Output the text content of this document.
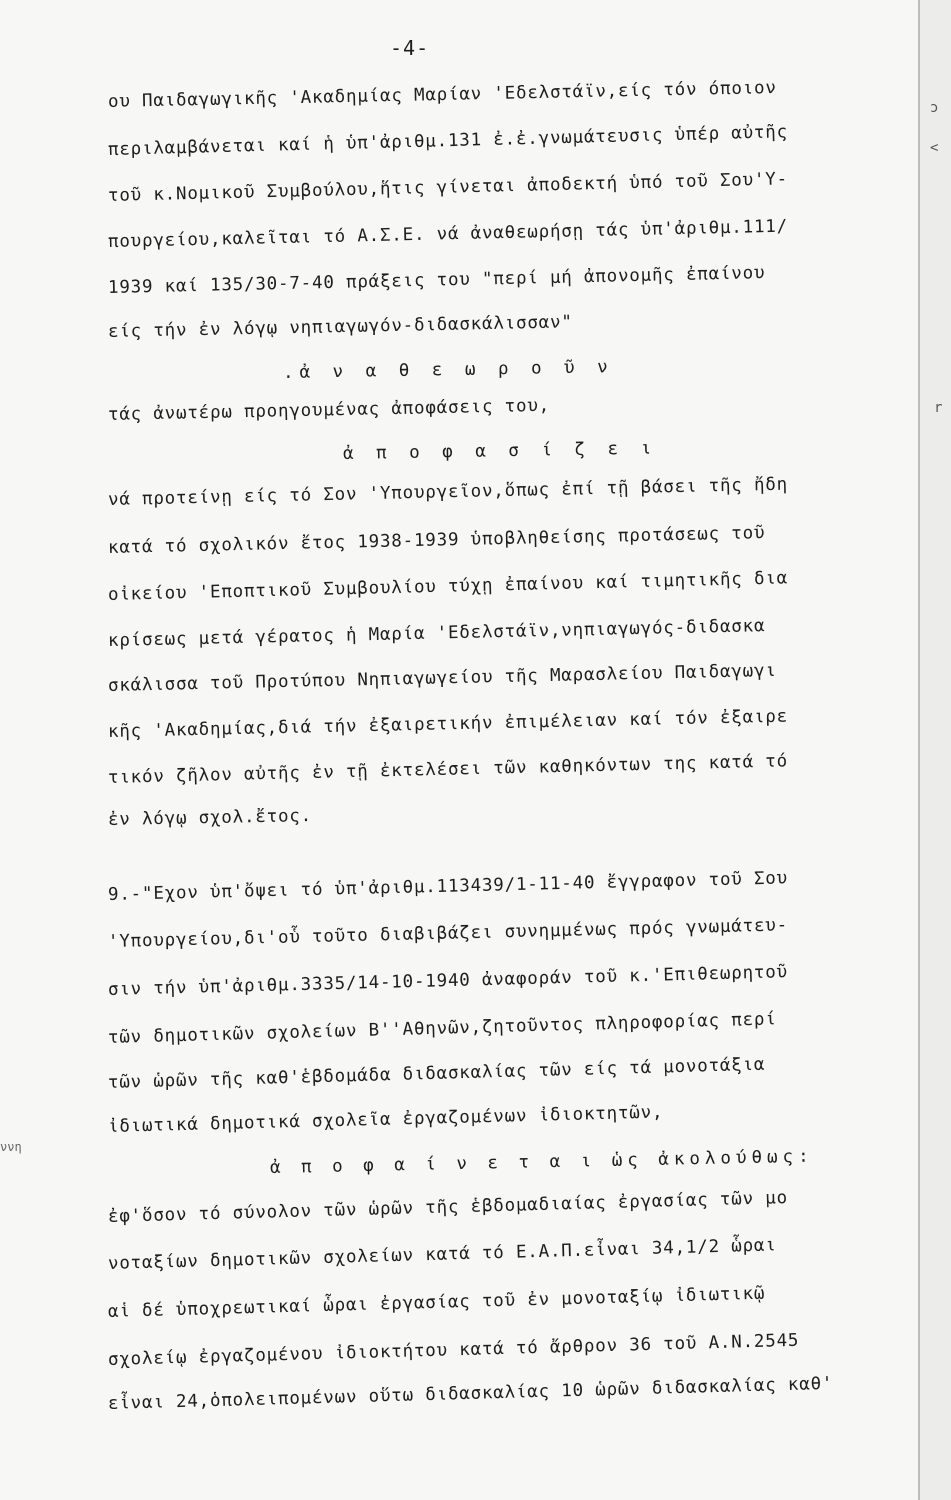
ɔ
<
r
-4-
ου Παιδαγωγικῆς 'Ακαδημίας Μαρίαν 'Εδελστάϊν,είς τόν όποιον
περιλαμβάνεται καί ἡ ὑπ'ἀριθμ.131 ἐ.ἐ.γνωμάτευσις ὑπέρ αὐτῆς
τοῦ κ.Νομικοῦ Συμβούλου,ἥτις γίνεται ἀποδεκτή ὑπό τοῦ Σου'Υ-
πουργείου,καλεῖται τό Α.Σ.Ε. νά ἀναθεωρήσῃ τάς ὑπ'ἀριθμ.111/
1939 καί 135/30-7-40 πράξεις του "περί μή ἀπονομῆς ἐπαίνου
είς τήν ἐν λόγῳ νηπιαγωγόν-διδασκάλισσαν"
.ἀ ν α θ ε ω ρ ο ῦ ν
τάς ἀνωτέρω προηγουμένας ἀποφάσεις του,
ἀ π ο φ α σ ί ζ ε ι
νά προτείνῃ είς τό Σον 'Υπουργεῖον,ὅπως ἐπί τῇ βάσει τῆς ἤδη
κατά τό σχολικόν ἔτος 1938-1939 ὑποβληθείσης προτάσεως τοῦ
οἰκείου 'Εποπτικοῦ Συμβουλίου τύχῃ ἐπαίνου καί τιμητικῆς δια
κρίσεως μετά γέρατος ἡ Μαρία 'Εδελστάϊν,νηπιαγωγός-διδασκα
σκάλισσα τοῦ Προτύπου Νηπιαγωγείου τῆς Μαρασλείου Παιδαγωγι
κῆς 'Ακαδημίας,διά τήν ἐξαιρετικήν ἐπιμέλειαν καί τόν ἐξαιρε
τικόν ζῆλον αὐτῆς ἐν τῇ ἐκτελέσει τῶν καθηκόντων της κατά τό
ἐν λόγῳ σχολ.ἔτος.
9.-"Εχον ὑπ'ὄψει τό ὑπ'ἀριθμ.113439/1-11-40 ἔγγραφον τοῦ Σου
'Υπουργείου,δι'οὗ τοῦτο διαβιβάζει συνημμένως πρός γνωμάτευ-
σιν τήν ὑπ'ἀριθμ.3335/14-10-1940 ἀναφοράν τοῦ κ.'Επιθεωρητοῦ
τῶν δημοτικῶν σχολείων Β''Αθηνῶν,ζητοῦντος πληροφορίας περί
τῶν ὡρῶν τῆς καθ'ἑβδομάδα διδασκαλίας τῶν είς τά μονοτάξια
ἰδιωτικά δημοτικά σχολεῖα ἐργαζομένων ἰδιοκτητῶν,
ἀ π ο φ α ί ν ε τ α ι ὡς ἀκολούθως:
ἐφ'ὅσον τό σύνολον τῶν ὡρῶν τῆς ἑβδομαδιαίας ἐργασίας τῶν μο
νοταξίων δημοτικῶν σχολείων κατά τό Ε.Α.Π.εἶναι 34,1/2 ὧραι
αἱ δέ ὑποχρεωτικαί ὧραι ἐργασίας τοῦ ἐν μονοταξίῳ ἰδιωτικῷ
σχολείῳ ἐργαζομένου ἰδιοκτήτου κατά τό ἄρθρον 36 τοῦ Α.Ν.2545
εἶναι 24,ὁπολειπομένων οὕτω διδασκαλίας 10 ὡρῶν διδασκαλίας καθ'
ννη
